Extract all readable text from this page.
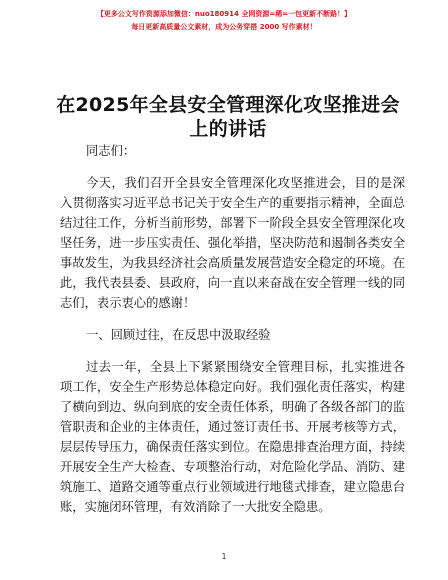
【更多公文写作资源添加微信：nuo180914 全网资源=稀=一包更新不断路！】
每日更新高质量公文素材，成为公务穿搭 2000 写作素材！
在2025年全县安全管理深化攻坚推进会上的讲话
同志们：

今天，我们召开全县安全管理深化攻坚推进会，目的是深入贯彻落实习近平总书记关于安全生产的重要指示精神，全面总结过往工作，分析当前形势，部署下一阶段全县安全管理深化攻坚任务，进一步压实责任、强化举措，坚决防范和遏制各类安全事故发生，为我县经济社会高质量发展营造安全稳定的环境。在此，我代表县委、县政府，向一直以来奋战在安全管理一线的同志们，表示衷心的感谢！

一、回顾过往，在反思中汲取经验

过去一年，全县上下紧紧围绕安全管理目标，扎实推进各项工作，安全生产形势总体稳定向好。我们强化责任落实，构建了横向到边、纵向到底的安全责任体系，明确了各级各部门的监管职责和企业的主体责任，通过签订责任书、开展考核等方式，层层传导压力，确保责任落实到位。在隐患排查治理方面，持续开展安全生产大检查、专项整治行动，对危险化学品、消防、建筑施工、道路交通等重点行业领域进行地毯式排查，建立隐患台账，实施闭环管理，有效消除了一大批安全隐患。

1
